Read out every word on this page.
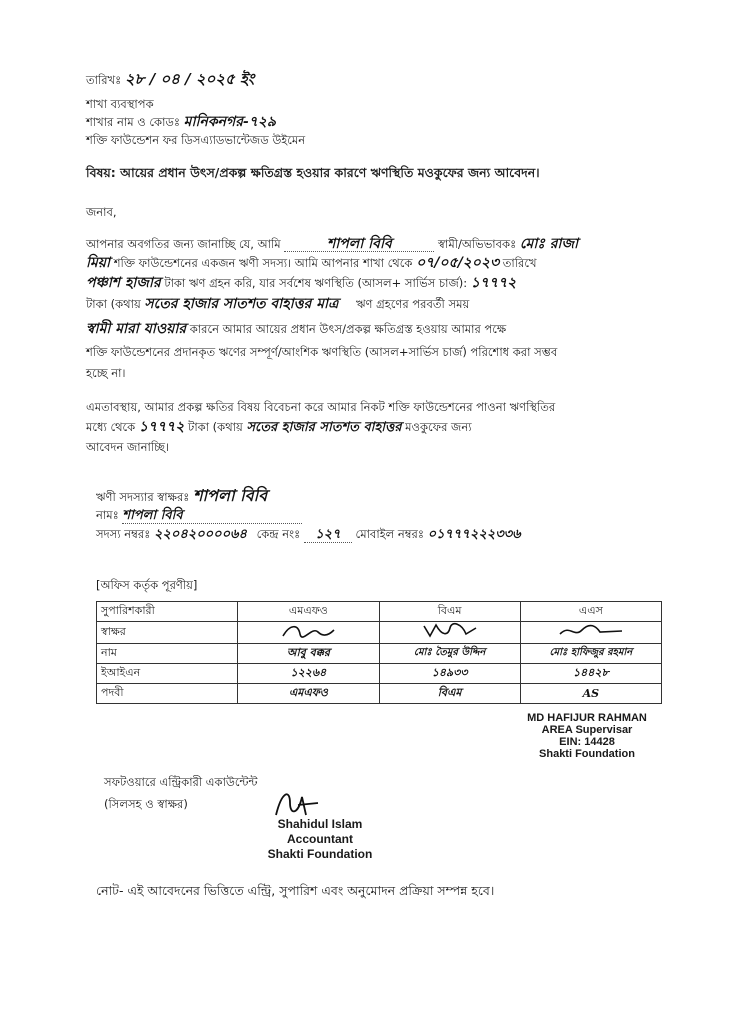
তারিখঃ ২৮ / ০৪ / ২০২৫ ইং
শাখা ব্যবস্থাপক
শাখার নাম ও কোডঃ মানিকনগর-৭২৯
শক্তি ফাউন্ডেশন ফর ডিসএ্যাডভান্টেজড উইমেন
বিষয়: আয়ের প্রধান উৎস/প্রকল্প ক্ষতিগ্রস্ত হওয়ার কারণে ঋণস্থিতি মওকুফের জন্য আবেদন।
জনাব,
আপনার অবগতির জন্য জানাচ্ছি যে, আমি	শাপলা বিবি	স্বামী/অভিভাবকঃ মোঃ রাজা
মিয়া শক্তি ফাউন্ডেশনের একজন ঋণী সদস্য। আমি আপনার শাখা থেকে ০৭/০৫/২০২৩ তারিখে
পঞ্চাশ হাজার টাকা ঋণ গ্রহন করি, যার সর্বশেষ ঋণস্থিতি (আসল+ সার্ভিস চার্জ): ১৭৭৭২
টাকা (কথায় সতের হাজার সাতশত বাহাত্তর মাত্র ঋণ গ্রহণের পরবর্তী সময়
স্বামী মারা যাওয়ার কারনে আমার আয়ের প্রধান উৎস/প্রকল্প ক্ষতিগ্রস্ত হওয়ায় আমার পক্ষে
শক্তি ফাউন্ডেশনের প্রদানকৃত ঋণের সম্পূর্ণ/আংশিক ঋণস্থিতি (আসল+সার্ভিস চার্জ) পরিশোধ করা সম্ভব
হচ্ছে না।
এমতাবস্থায়, আমার প্রকল্প ক্ষতির বিষয় বিবেচনা করে আমার নিকট শক্তি ফাউন্ডেশনের পাওনা ঋণস্থিতির
মধ্যে থেকে ১৭৭৭২ টাকা (কথায় সতের হাজার সাতশত বাহাত্তর মওকুফের জন্য
আবেদন জানাচ্ছি।
ঋণী সদস্যার স্বাক্ষরঃ শাপলা বিবি
নামঃ শাপলা বিবি
সদস্য নম্বরঃ ২২০৪২০০০০৬৪ কেন্দ্র নংঃ ১২৭ মোবাইল নম্বরঃ ০১৭৭৭২২২৩৩৬
[অফিস কর্তৃক পূরণীয়]
সুপারিশকারী	এমএফও	বিএম	এএস
স্বাক্ষর			
নাম	আবু বক্কর	মোঃ তৈমুর উদ্দিন	মোঃ হাফিজুর রহমান
ইআইএন	১২২৬৪	১৪৯৩৩	১৪৪২৮
পদবী	এমএফও	বিএম	AS
MD HAFIJUR RAHMAN
AREA Supervisar
EIN: 14428
Shakti Foundation
সফটওয়ারে এন্ট্রিকারী একাউন্টেন্ট
(সিলসহ ও স্বাক্ষর)
Shahidul Islam
Accountant
Shakti Foundation
নোট- এই আবেদনের ভিত্তিতে এন্ট্রি, সুপারিশ এবং অনুমোদন প্রক্রিয়া সম্পন্ন হবে।
